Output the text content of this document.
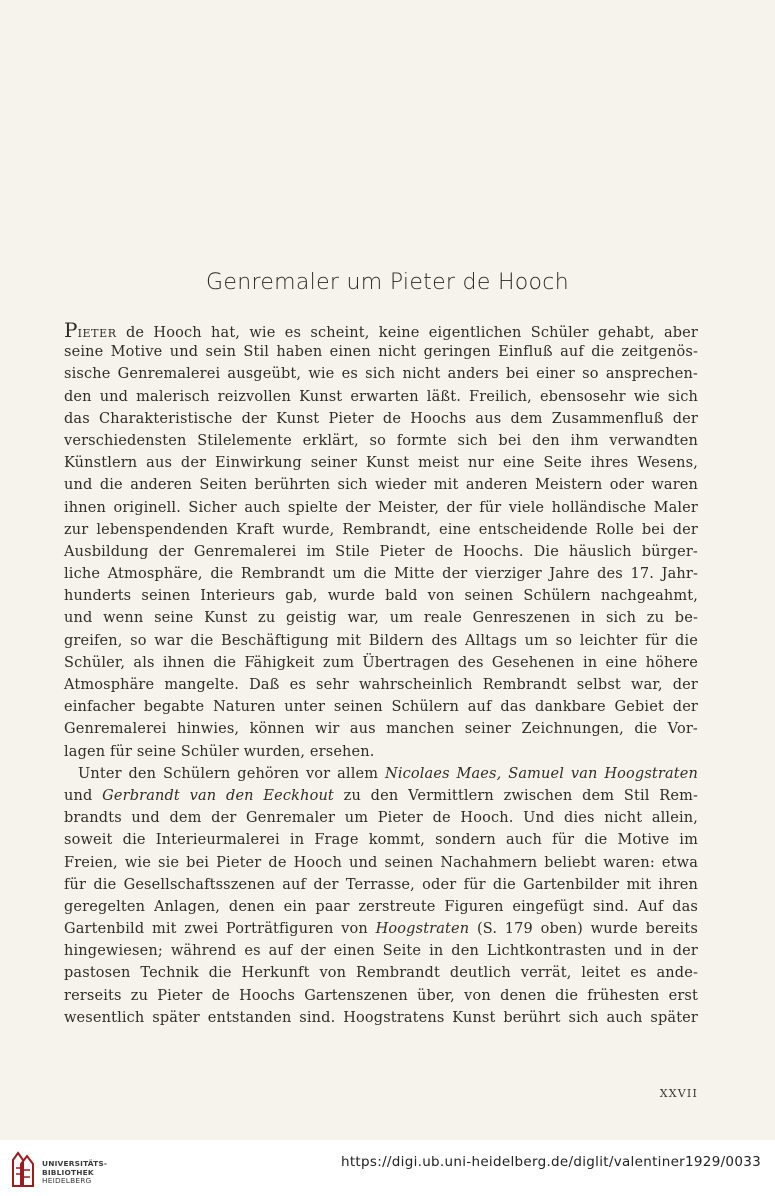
Genremaler um Pieter de Hooch
PIETER de Hooch hat, wie es scheint, keine eigentlichen Schüler gehabt, aber
seine Motive und sein Stil haben einen nicht geringen Einfluß auf die zeitgenös-
sische Genremalerei ausgeübt, wie es sich nicht anders bei einer so ansprechen-
den und malerisch reizvollen Kunst erwarten läßt. Freilich, ebensosehr wie sich
das Charakteristische der Kunst Pieter de Hoochs aus dem Zusammenfluß der
verschiedensten Stilelemente erklärt, so formte sich bei den ihm verwandten
Künstlern aus der Einwirkung seiner Kunst meist nur eine Seite ihres Wesens,
und die anderen Seiten berührten sich wieder mit anderen Meistern oder waren
ihnen originell. Sicher auch spielte der Meister, der für viele holländische Maler
zur lebenspendenden Kraft wurde, Rembrandt, eine entscheidende Rolle bei der
Ausbildung der Genremalerei im Stile Pieter de Hoochs. Die häuslich bürger-
liche Atmosphäre, die Rembrandt um die Mitte der vierziger Jahre des 17. Jahr-
hunderts seinen Interieurs gab, wurde bald von seinen Schülern nachgeahmt,
und wenn seine Kunst zu geistig war, um reale Genreszenen in sich zu be-
greifen, so war die Beschäftigung mit Bildern des Alltags um so leichter für die
Schüler, als ihnen die Fähigkeit zum Übertragen des Gesehenen in eine höhere
Atmosphäre mangelte. Daß es sehr wahrscheinlich Rembrandt selbst war, der
einfacher begabte Naturen unter seinen Schülern auf das dankbare Gebiet der
Genremalerei hinwies, können wir aus manchen seiner Zeichnungen, die Vor-
lagen für seine Schüler wurden, ersehen.
Unter den Schülern gehören vor allem Nicolaes Maes, Samuel van Hoogstraten
und Gerbrandt van den Eeckhout zu den Vermittlern zwischen dem Stil Rem-
brandts und dem der Genremaler um Pieter de Hooch. Und dies nicht allein,
soweit die Interieurmalerei in Frage kommt, sondern auch für die Motive im
Freien, wie sie bei Pieter de Hooch und seinen Nachahmern beliebt waren: etwa
für die Gesellschaftsszenen auf der Terrasse, oder für die Gartenbilder mit ihren
geregelten Anlagen, denen ein paar zerstreute Figuren eingefügt sind. Auf das
Gartenbild mit zwei Porträtfiguren von Hoogstraten (S. 179 oben) wurde bereits
hingewiesen; während es auf der einen Seite in den Lichtkontrasten und in der
pastosen Technik die Herkunft von Rembrandt deutlich verrät, leitet es ande-
rerseits zu Pieter de Hoochs Gartenszenen über, von denen die frühesten erst
wesentlich später entstanden sind. Hoogstratens Kunst berührt sich auch später
XXVII
UNIVERSITÄTS-
BIBLIOTHEK
HEIDELBERG
https://digi.ub.uni-heidelberg.de/diglit/valentiner1929/0033
